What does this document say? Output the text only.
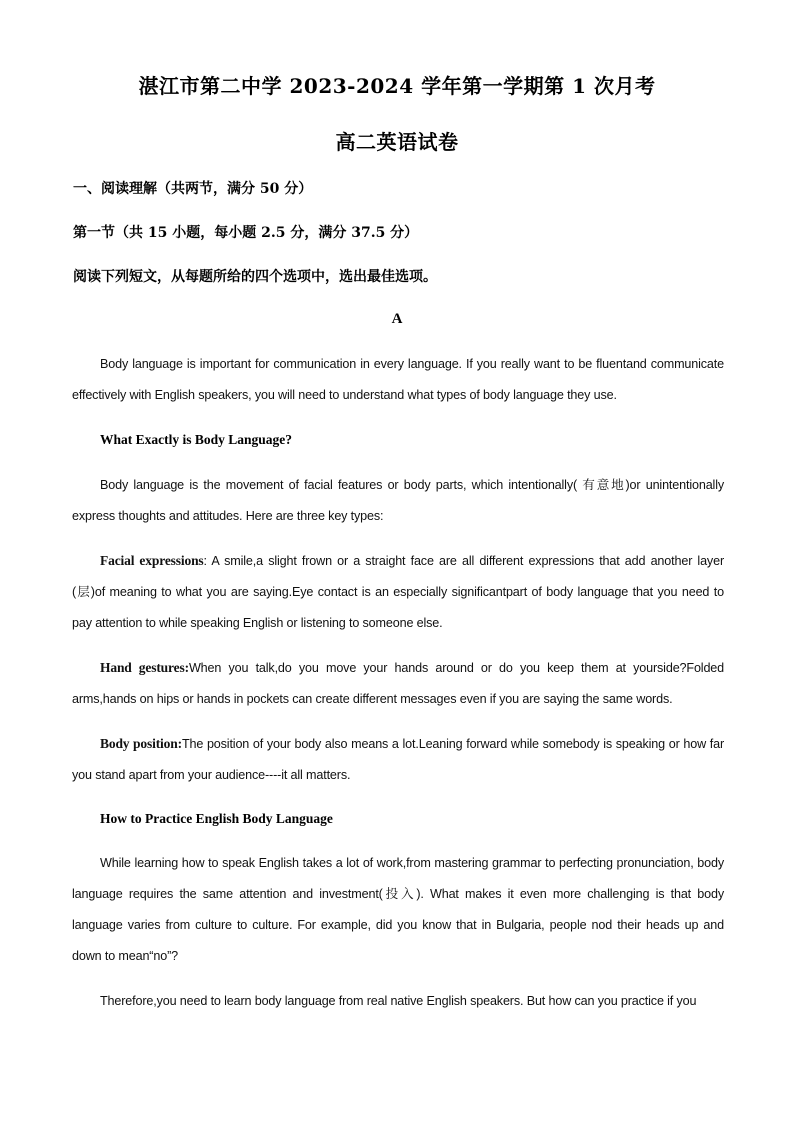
湛江市第二中学 2023-2024 学年第一学期第 1 次月考
高二英语试卷
一、阅读理解（共两节，满分 50 分）
第一节（共 15 小题，每小题 2.5 分，满分 37.5 分）
阅读下列短文，从每题所给的四个选项中，选出最佳选项。
A
Body language is important for communication in every language. If you really want to be fluentand communicate effectively with English speakers, you will need to understand what types of body language they use.
What Exactly is Body Language?
Body language is the movement of facial features or body parts, which intentionally( 有意地)or unintentionally express thoughts and attitudes. Here are three key types:
Facial expressions: A smile,a slight frown or a straight face are all different expressions that add another layer (层)of meaning to what you are saying.Eye contact is an especially significantpart of body language that you need to pay attention to while speaking English or listening to someone else.
Hand gestures:When you talk,do you move your hands around or do you keep them at yourside?Folded arms,hands on hips or hands in pockets can create different messages even if you are saying the same words.
Body position:The position of your body also means a lot.Leaning forward while somebody is speaking or how far you stand apart from your audience----it all matters.
How to Practice English Body Language
While learning how to speak English takes a lot of work,from mastering grammar to perfecting pronunciation, body language requires the same attention and investment(投入). What makes it even more challenging is that body language varies from culture to culture. For example, did you know that in Bulgaria, people nod their heads up and down to mean“no”?
Therefore,you need to learn body language from real native English speakers. But how can you practice if you
